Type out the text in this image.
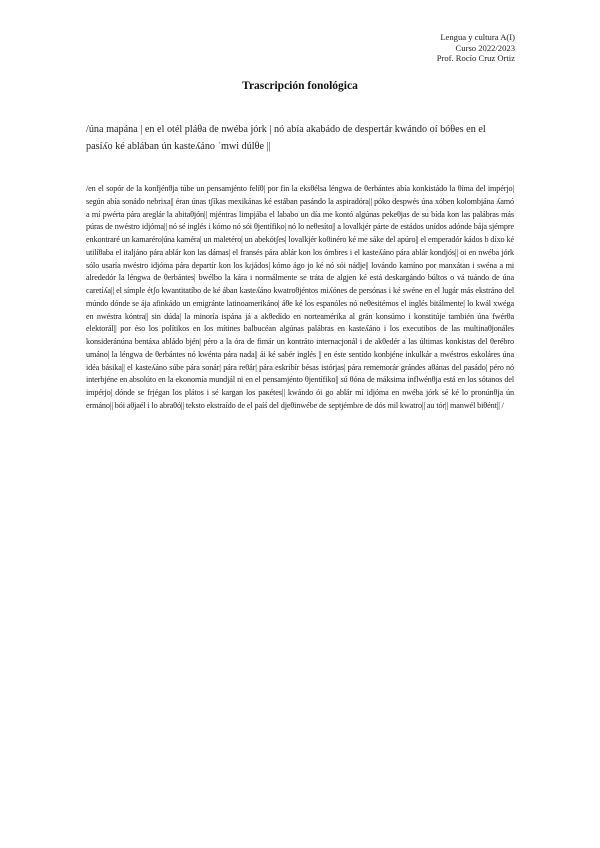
Lengua y cultura A(I)
Curso 2022/2023
Prof. Rocío Cruz Ortiz
Trascripción fonológica
/úna mapána | en el otél pláθa de nwéba jórk | nó abía akabádo de despertár kwándo oí bóθes en el pasíʎo ké ablában ún kasteʎáno ˈmwi dúlθe ||
/en el sopór de la konfjénθja túbe un pensamjénto felíθ| por fin la eksθélsa léngwa de θerbántes abía konkistádo la θíma del impérjo| según abía sonádo nebrixa|| éran únas tʃíkas mexikánas ké estában pasándo la aspiradóra|| póko despwés úna xóben kolombjána ʎamó a mí pwérta pára areglár la abitaθjón|| mjéntras limpjába el lababo un día me kontó algúnas pekeθjas de su bída kon las palábras más púras de nwéstro idjóma|| nó sé inglés i kómo nó sói θjentífiko| nó lo neθesíto|| a lovalkjér párte de estádos unídos adónde bája sjémpre enkontraré un kamaréro|úna kaméra| un maletéro| un abekótʃes| lovalkjér koθinéro ké me sáke del apúro|| el emperadór kádos b díxo ké utilíθaba el italjáno pára ablár kon las dámas| el fransés pára ablár kon los ómbres i el kasteʎáno pára ablár kondjós|| oi en nwéba jórk sólo usaría nwéstro idjóma pára departír kon los kɾjádos| kómo ágo jo ké nó sói nádje|| lovándo kamíno por manxátan i swéna a mi alrededór la léngwa de θerbántes| bwélbo la kára i normálmente se tráta de algjen ké está deskargándo búltos o vá tuándo de úna caretíʎa|| el símple étʃo kwantitatíbo de ké ában kasteʎáno kwatroθjéntos miʎónes de persónas i ké swéne en el lugár más ekstráno del múndo dónde se ája afinkádo un emigránte latinoamerikáno| áθe ké los espanóles nó neθesitémos el inglés bitálmente| lo kwál xwéga en nwéstra kóntra|| sin dúda| la minoría ispána já a akθedído en norteamérika al grán konsúmo i konstitúje también úna fwérθa elektorál|| por éso los polítikos en los mítines balbucéan algúnas palábras en kasteʎáno i los executibos de las multinaθjonáles konsideránúna bentáxa abládo bjén| péro a la óra de fimár un kontráto internacjonál i de akθedér a las últimas konkistas del θerébro umáno| la léngwa de θerbántes nó kwénta pára nada|| ái ké sabér inglés || en éste sentído konbjéne inkulkár a nwéstros eskoláres úna idéa básika|| el kasteʎáno súbe pára sonár| pára reθár| pára eskribír bésas istórjas| pára rememorár grándes aθánas del pasádo| péro nó interbjéne en absolúto en la ekonomía mundjál ni en el pensamjénto θjentífiko|| sú θóna de máksima inflwénθja está en los sótanos del impérjo| dónde se frjégan los plátos i sé kargan los paкétes|| kwándo ói go ablár mí idjóma en nwéba jórk sé ké lo pronúnθja ún ermáno|| bói aθjaél i lo abraθó|| teksto ekstraído de el paíś del djeθinwébe de septjémbɾe de dós mil kwatro|| au tór|| manwél biθént|| /
